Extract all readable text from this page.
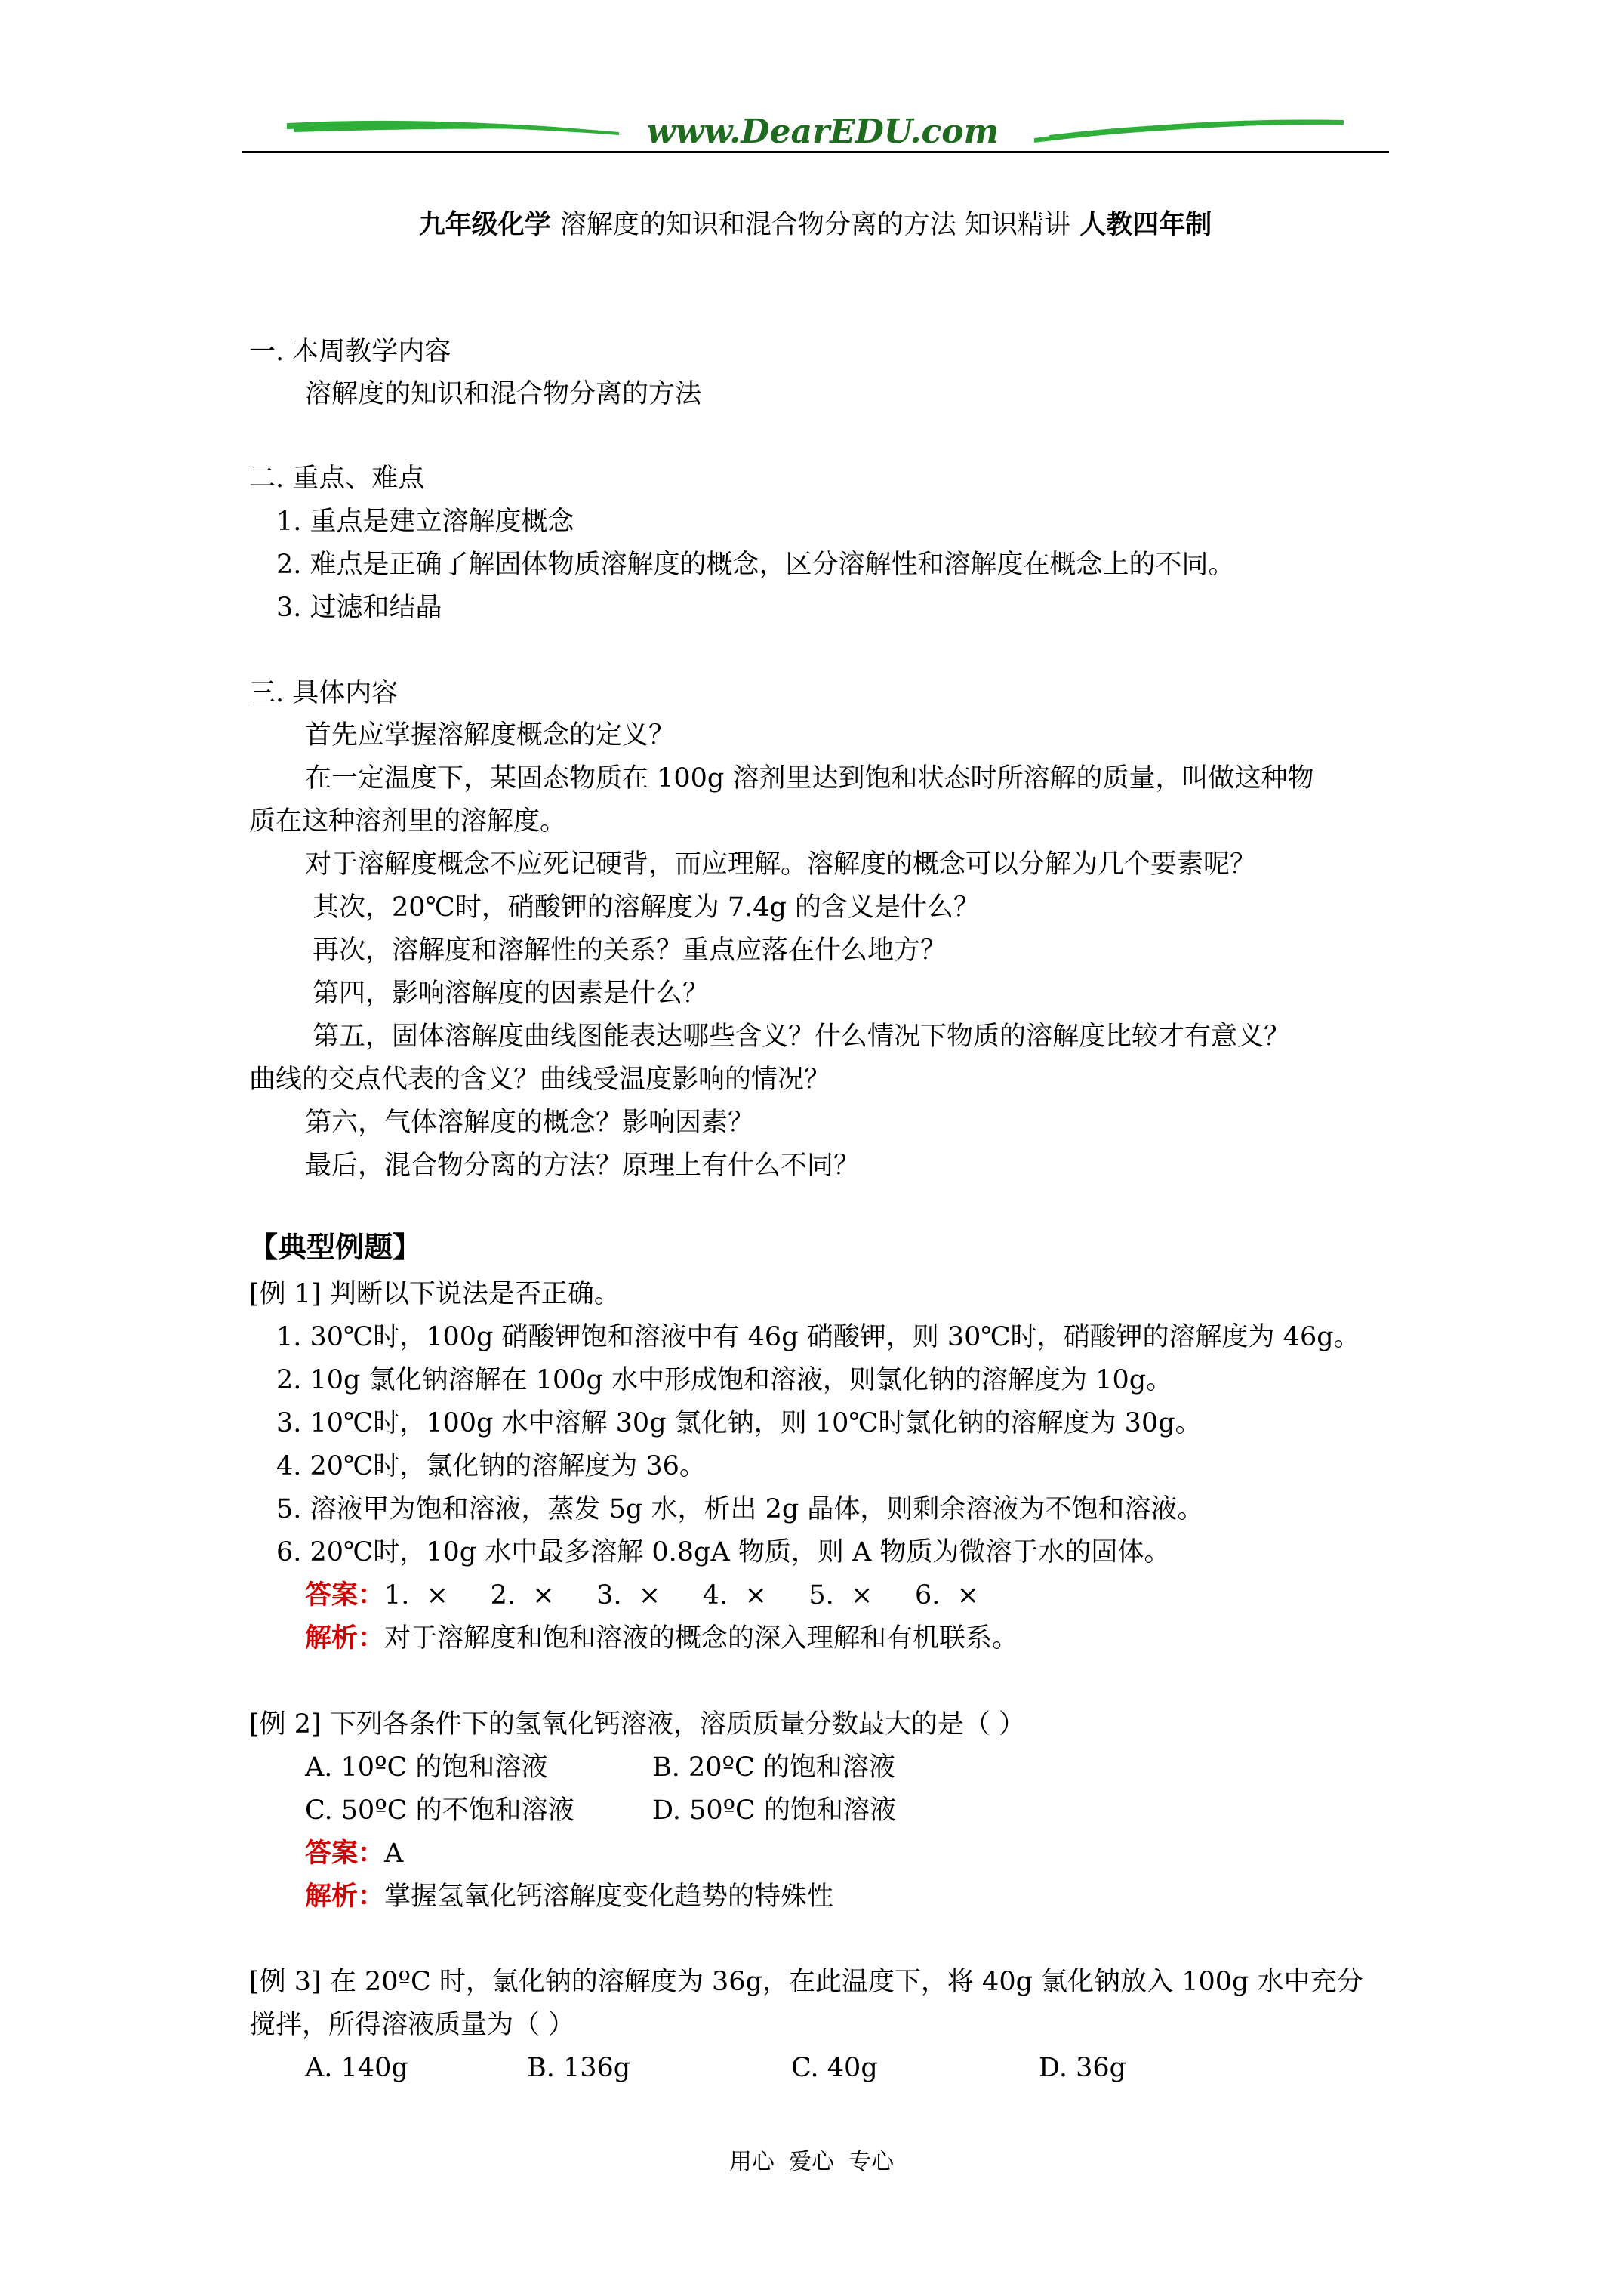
www.DearEDU.com
九年级化学 溶解度的知识和混合物分离的方法 知识精讲 人教四年制
一. 本周教学内容
溶解度的知识和混合物分离的方法
二. 重点、难点
1. 重点是建立溶解度概念
2. 难点是正确了解固体物质溶解度的概念，区分溶解性和溶解度在概念上的不同。
3. 过滤和结晶
三. 具体内容
首先应掌握溶解度概念的定义？
在一定温度下，某固态物质在 100g 溶剂里达到饱和状态时所溶解的质量，叫做这种物
质在这种溶剂里的溶解度。
对于溶解度概念不应死记硬背，而应理解。溶解度的概念可以分解为几个要素呢？
其次，20℃时，硝酸钾的溶解度为 7.4g 的含义是什么？
再次，溶解度和溶解性的关系？重点应落在什么地方？
第四，影响溶解度的因素是什么？
第五，固体溶解度曲线图能表达哪些含义？什么情况下物质的溶解度比较才有意义？
曲线的交点代表的含义？曲线受温度影响的情况？
第六，气体溶解度的概念？影响因素？
最后，混合物分离的方法？原理上有什么不同？
【典型例题】
[例 1] 判断以下说法是否正确。
1. 30℃时，100g 硝酸钾饱和溶液中有 46g 硝酸钾，则 30℃时，硝酸钾的溶解度为 46g。
2. 10g 氯化钠溶解在 100g 水中形成饱和溶液，则氯化钠的溶解度为 10g。
3. 10℃时，100g 水中溶解 30g 氯化钠，则 10℃时氯化钠的溶解度为 30g。
4. 20℃时，氯化钠的溶解度为 36。
5. 溶液甲为饱和溶液，蒸发 5g 水，析出 2g 晶体，则剩余溶液为不饱和溶液。
6. 20℃时，10g 水中最多溶解 0.8gA 物质，则 A 物质为微溶于水的固体。
答案：1.  ×     2.  ×     3.  ×     4.  ×     5.  ×     6.  ×
解析：对于溶解度和饱和溶液的概念的深入理解和有机联系。
[例 2] 下列各条件下的氢氧化钙溶液，溶质质量分数最大的是（ ）
A. 10ºC 的饱和溶液	B. 20ºC 的饱和溶液
C. 50ºC 的不饱和溶液	D. 50ºC 的饱和溶液
答案：A
解析：掌握氢氧化钙溶解度变化趋势的特殊性
[例 3] 在 20ºC 时，氯化钠的溶解度为 36g，在此温度下，将 40g 氯化钠放入 100g 水中充分
搅拌，所得溶液质量为（ ）
A. 140g	B. 136g	C. 40g	D. 36g
用心  爱心  专心
